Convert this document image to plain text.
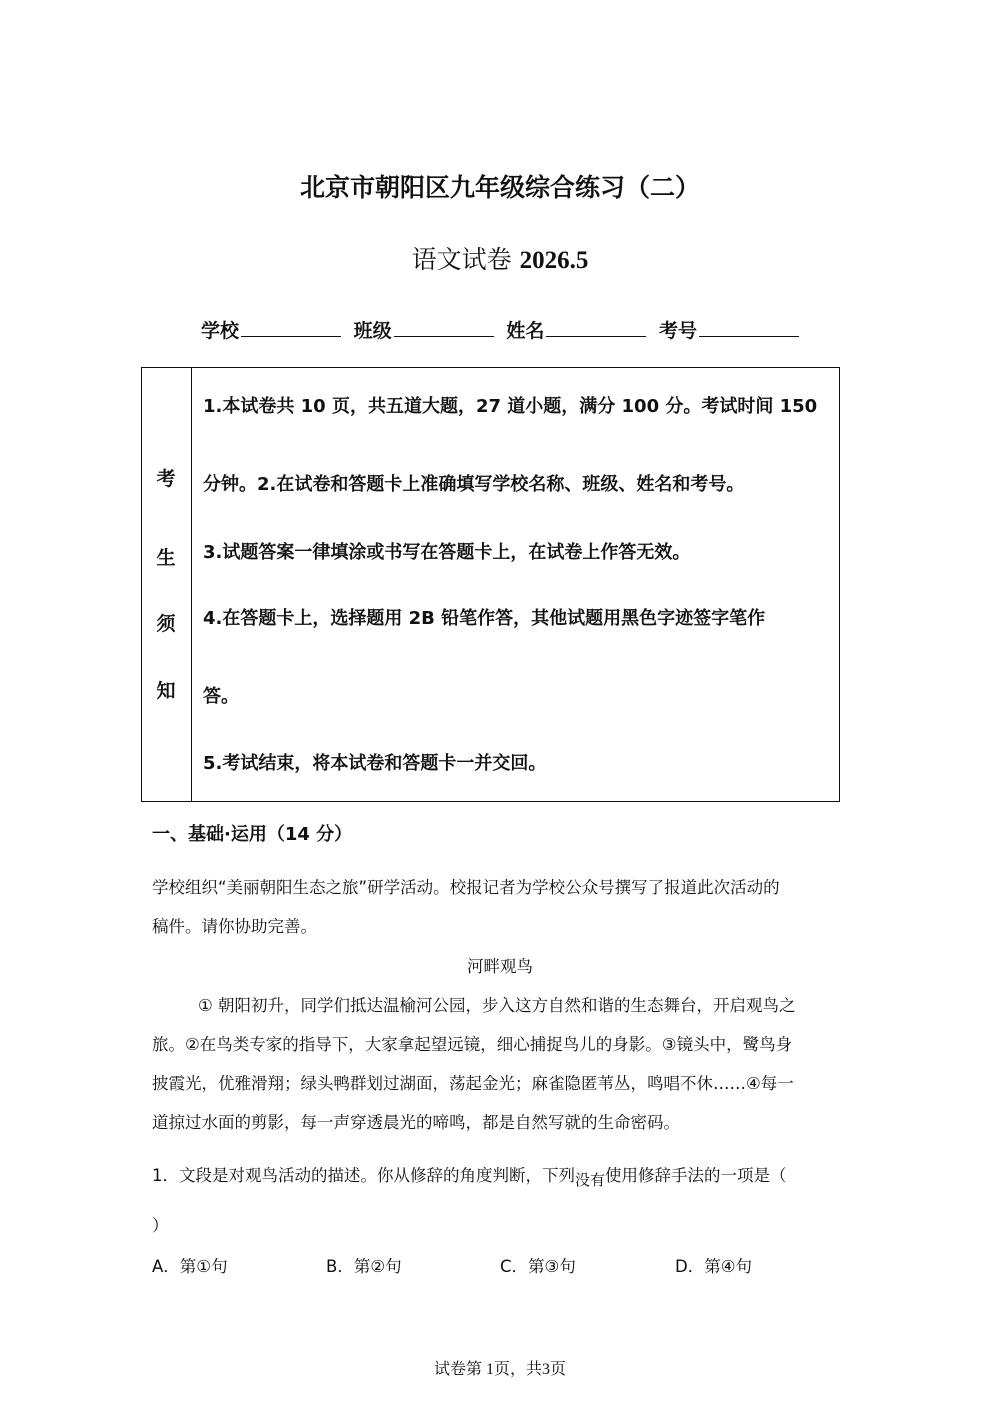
北京市朝阳区九年级综合练习（二）
语文试卷 2026.5
学校	班级	姓名	考号
考
生
须
知
1.本试卷共 10 页，共五道大题，27 道小题，满分 100 分。考试时间 150
分钟。2.在试卷和答题卡上准确填写学校名称、班级、姓名和考号。
3.试题答案一律填涂或书写在答题卡上，在试卷上作答无效。
4.在答题卡上，选择题用 2B 铅笔作答，其他试题用黑色字迹签字笔作
答。
5.考试结束，将本试卷和答题卡一并交回。
一、基础·运用（14 分）
学校组织“美丽朝阳生态之旅”研学活动。校报记者为学校公众号撰写了报道此次活动的
稿件。请你协助完善。
河畔观鸟
① 朝阳初升，同学们抵达温榆河公园，步入这方自然和谐的生态舞台，开启观鸟之
旅。②在鸟类专家的指导下，大家拿起望远镜，细心捕捉鸟儿的身影。③镜头中，鹭鸟身
披霞光，优雅滑翔；绿头鸭群划过湖面，荡起金光；麻雀隐匿苇丛，鸣唱不休……④每一
道掠过水面的剪影，每一声穿透晨光的啼鸣，都是自然写就的生命密码。
1．文段是对观鸟活动的描述。你从修辞的角度判断，下列没有使用修辞手法的一项是（
）
A．第①句	B．第②句	C．第③句	D．第④句
试卷第 1页，共3页
